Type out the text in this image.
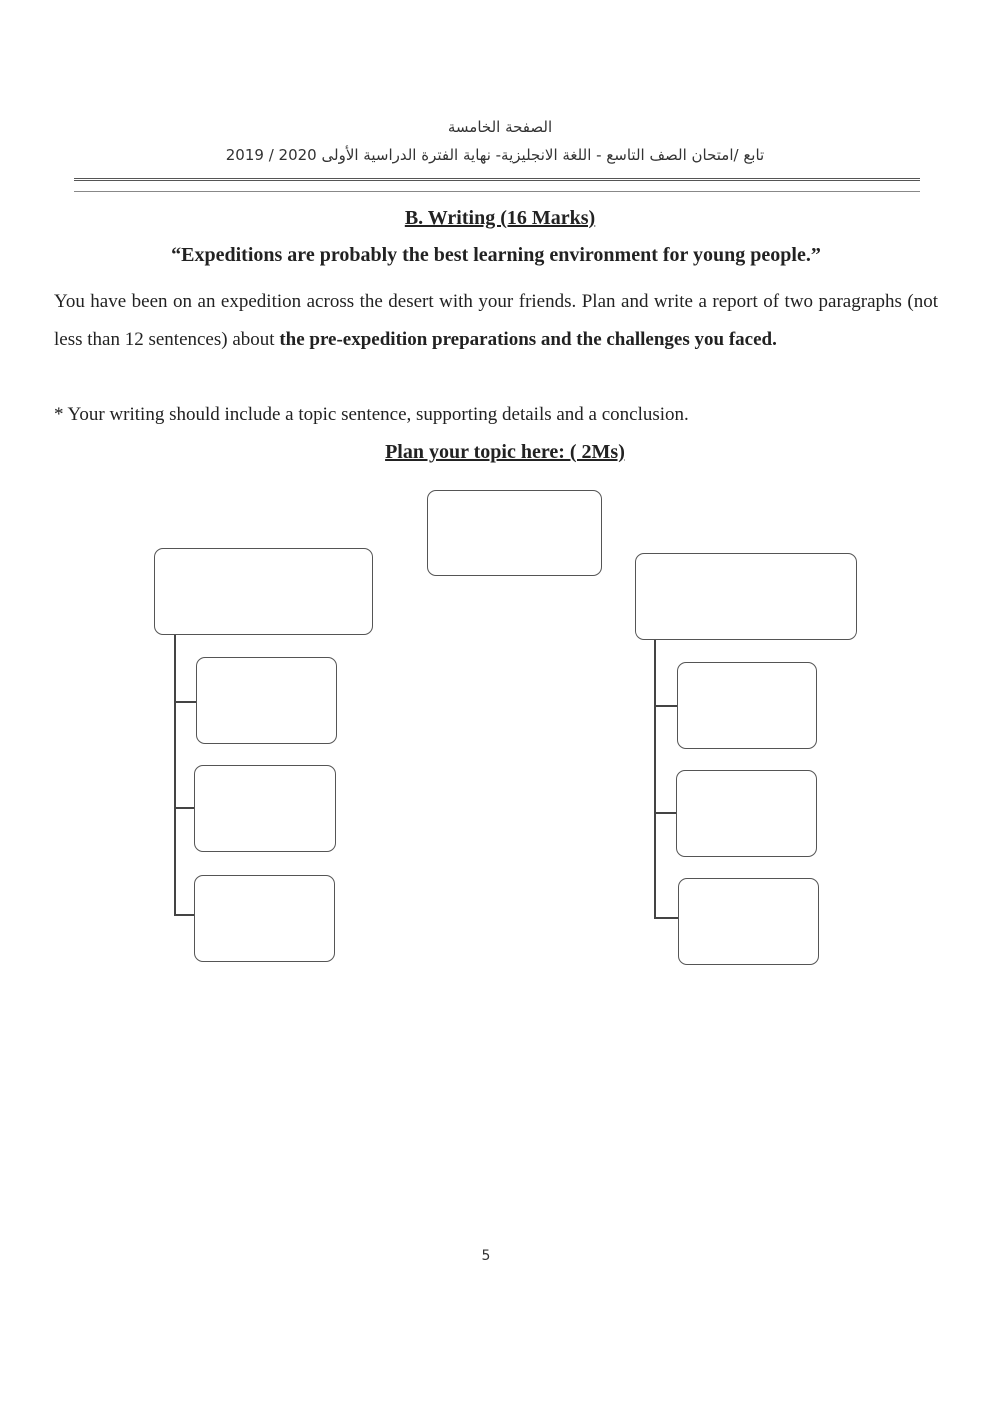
الصفحة الخامسة
تابع /امتحان الصف التاسع - اللغة الانجليزية- نهاية الفترة الدراسية الأولى 2020 / 2019
B. Writing (16 Marks)
“Expeditions are probably the best learning environment for young people.”
You have been on an expedition across the desert with your friends. Plan and write a report of two paragraphs (not less than 12 sentences) about the pre-expedition preparations and the challenges you faced.
* Your writing should include a topic sentence, supporting details and a conclusion.
Plan your topic here: ( 2Ms)
5
